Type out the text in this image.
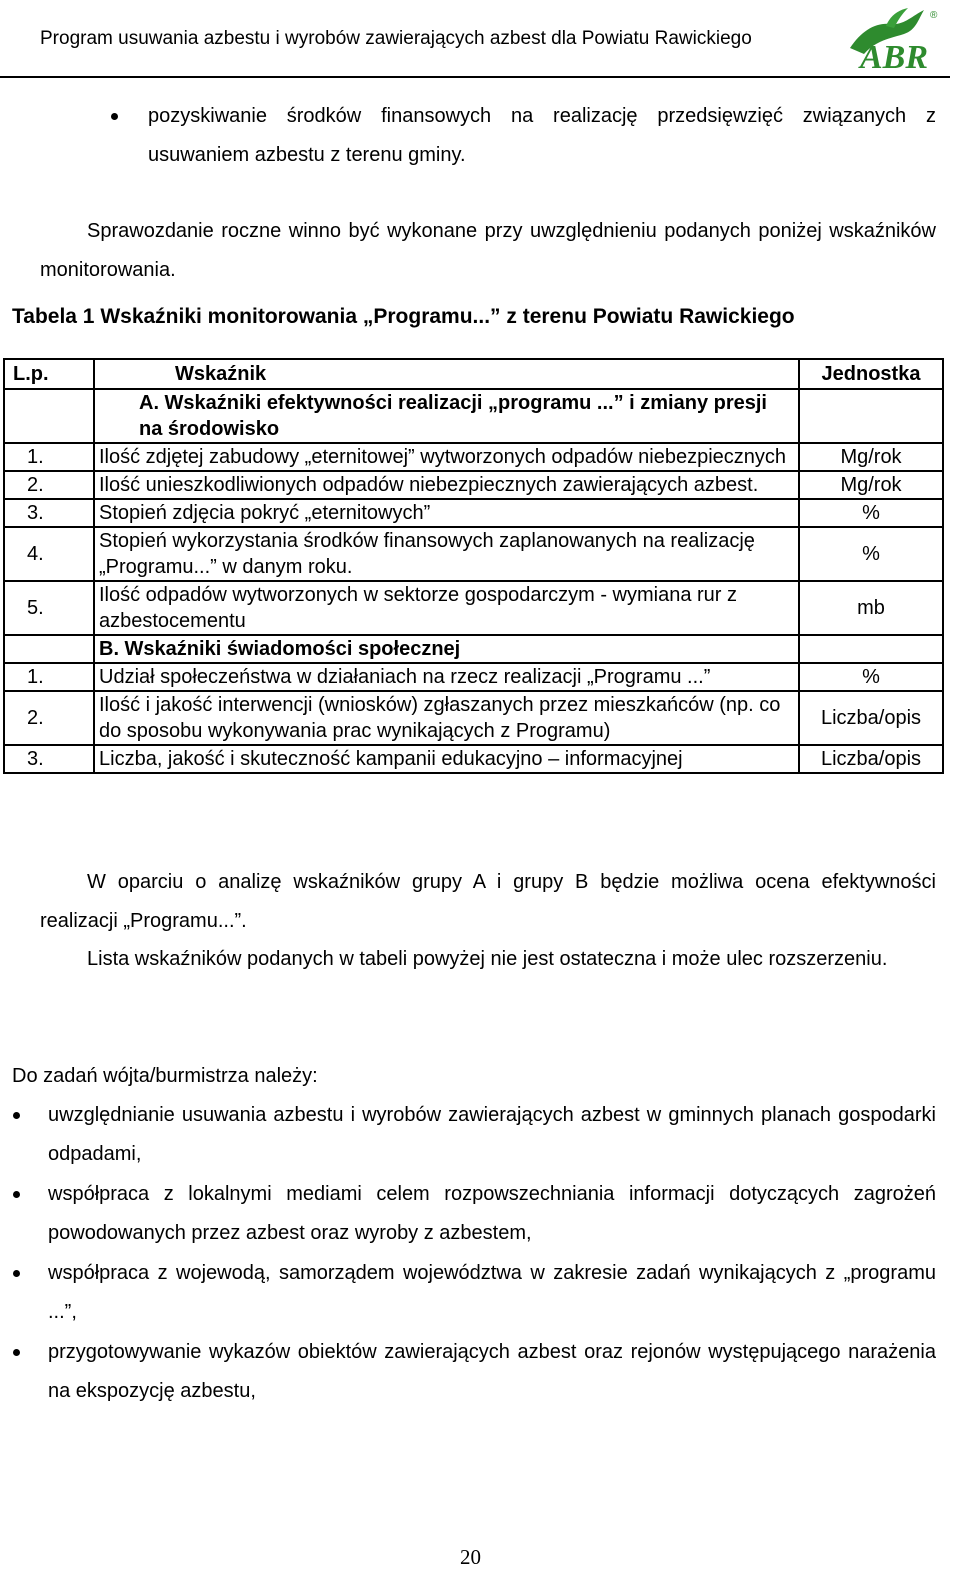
Program usuwania azbestu i wyrobów zawierających azbest dla Powiatu Rawickiego
ABR
®
pozyskiwanie środków finansowych na realizację przedsięwzięć związanych z usuwaniem azbestu z terenu gminy.
Sprawozdanie roczne winno być wykonane przy uwzględnieniu podanych poniżej wskaźników monitorowania.
Tabela 1 Wskaźniki monitorowania „Programu...” z terenu Powiatu Rawickiego
L.p.	Wskaźnik	Jednostka

	A. Wskaźniki efektywności realizacji „programu ...” i zmiany presji na środowisko	

1.	Ilość zdjętej zabudowy „eternitowej” wytworzonych odpadów niebezpiecznych	Mg/rok
2.	Ilość unieszkodliwionych odpadów niebezpiecznych zawierających azbest.	Mg/rok
3.	Stopień zdjęcia pokryć „eternitowych”	%
4.	Stopień wykorzystania środków finansowych zaplanowanych na realizację „Programu...” w danym roku.	%
5.	Ilość odpadów wytworzonych w sektorze gospodarczym - wymiana rur z azbestocementu	mb
	B. Wskaźniki świadomości społecznej	
1.	Udział społeczeństwa w działaniach na rzecz realizacji „Programu ...”	%
2.	Ilość i jakość interwencji (wniosków) zgłaszanych przez mieszkańców (np. co do sposobu wykonywania prac wynikających z Programu)	Liczba/opis
3.	Liczba, jakość i skuteczność kampanii edukacyjno – informacyjnej	Liczba/opis
W oparciu o analizę wskaźników grupy A i grupy B będzie możliwa ocena efektywności realizacji „Programu...”.
Lista wskaźników podanych w tabeli powyżej nie jest ostateczna i może ulec rozszerzeniu.
Do zadań wójta/burmistrza należy:
uwzględnianie usuwania azbestu i wyrobów zawierających azbest w gminnych planach gospodarki odpadami,
współpraca z lokalnymi mediami celem rozpowszechniania informacji dotyczących zagrożeń powodowanych przez azbest oraz wyroby z azbestem,
współpraca z wojewodą, samorządem województwa w zakresie zadań wynikających z „programu ...”,
przygotowywanie wykazów obiektów zawierających azbest oraz rejonów występującego narażenia na ekspozycję azbestu,
20
